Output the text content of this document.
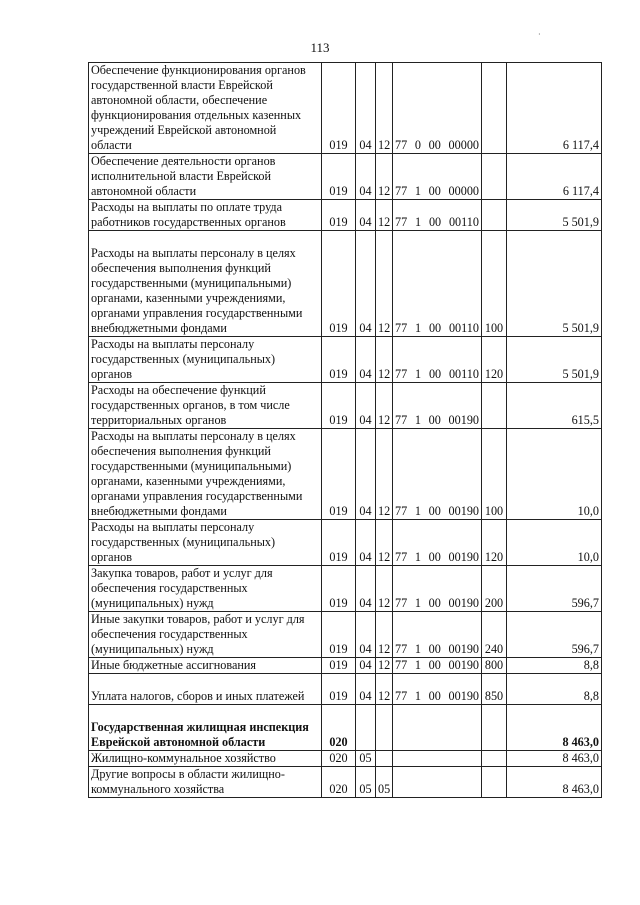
113
·
Обеспечение функционирования органов государственной власти Еврейской автономной области, обеспечение функционирования отдельных казенных учреждений Еврейской автономной области	019	04	12	77 0 00 00000		6 117,4
Обеспечение деятельности органов исполнительной власти Еврейской автономной области	019	04	12	77 1 00 00000		6 117,4
Расходы на выплаты по оплате труда работников государственных органов	019	04	12	77 1 00 00110		5 501,9
Расходы на выплаты персоналу в целях обеспечения выполнения функций государственными (муниципальными) органами, казенными учреждениями, органами управления государственными внебюджетными фондами	019	04	12	77 1 00 00110	100	5 501,9
Расходы на выплаты персоналу государственных (муниципальных) органов	019	04	12	77 1 00 00110	120	5 501,9
Расходы на обеспечение функций государственных органов, в том числе территориальных органов	019	04	12	77 1 00 00190		615,5
Расходы на выплаты персоналу в целях обеспечения выполнения функций государственными (муниципальными) органами, казенными учреждениями, органами управления государственными внебюджетными фондами	019	04	12	77 1 00 00190	100	10,0
Расходы на выплаты персоналу государственных (муниципальных) органов	019	04	12	77 1 00 00190	120	10,0
Закупка товаров, работ и услуг для обеспечения государственных (муниципальных) нужд	019	04	12	77 1 00 00190	200	596,7
Иные закупки товаров, работ и услуг для обеспечения государственных (муниципальных) нужд	019	04	12	77 1 00 00190	240	596,7
Иные бюджетные ассигнования	019	04	12	77 1 00 00190	800	8,8
Уплата налогов, сборов и иных платежей	019	04	12	77 1 00 00190	850	8,8
Государственная жилищная инспекция Еврейской автономной области	020					8 463,0
Жилищно-коммунальное хозяйство	020	05				8 463,0
Другие вопросы в области жилищно-коммунального хозяйства	020	05	05			8 463,0
